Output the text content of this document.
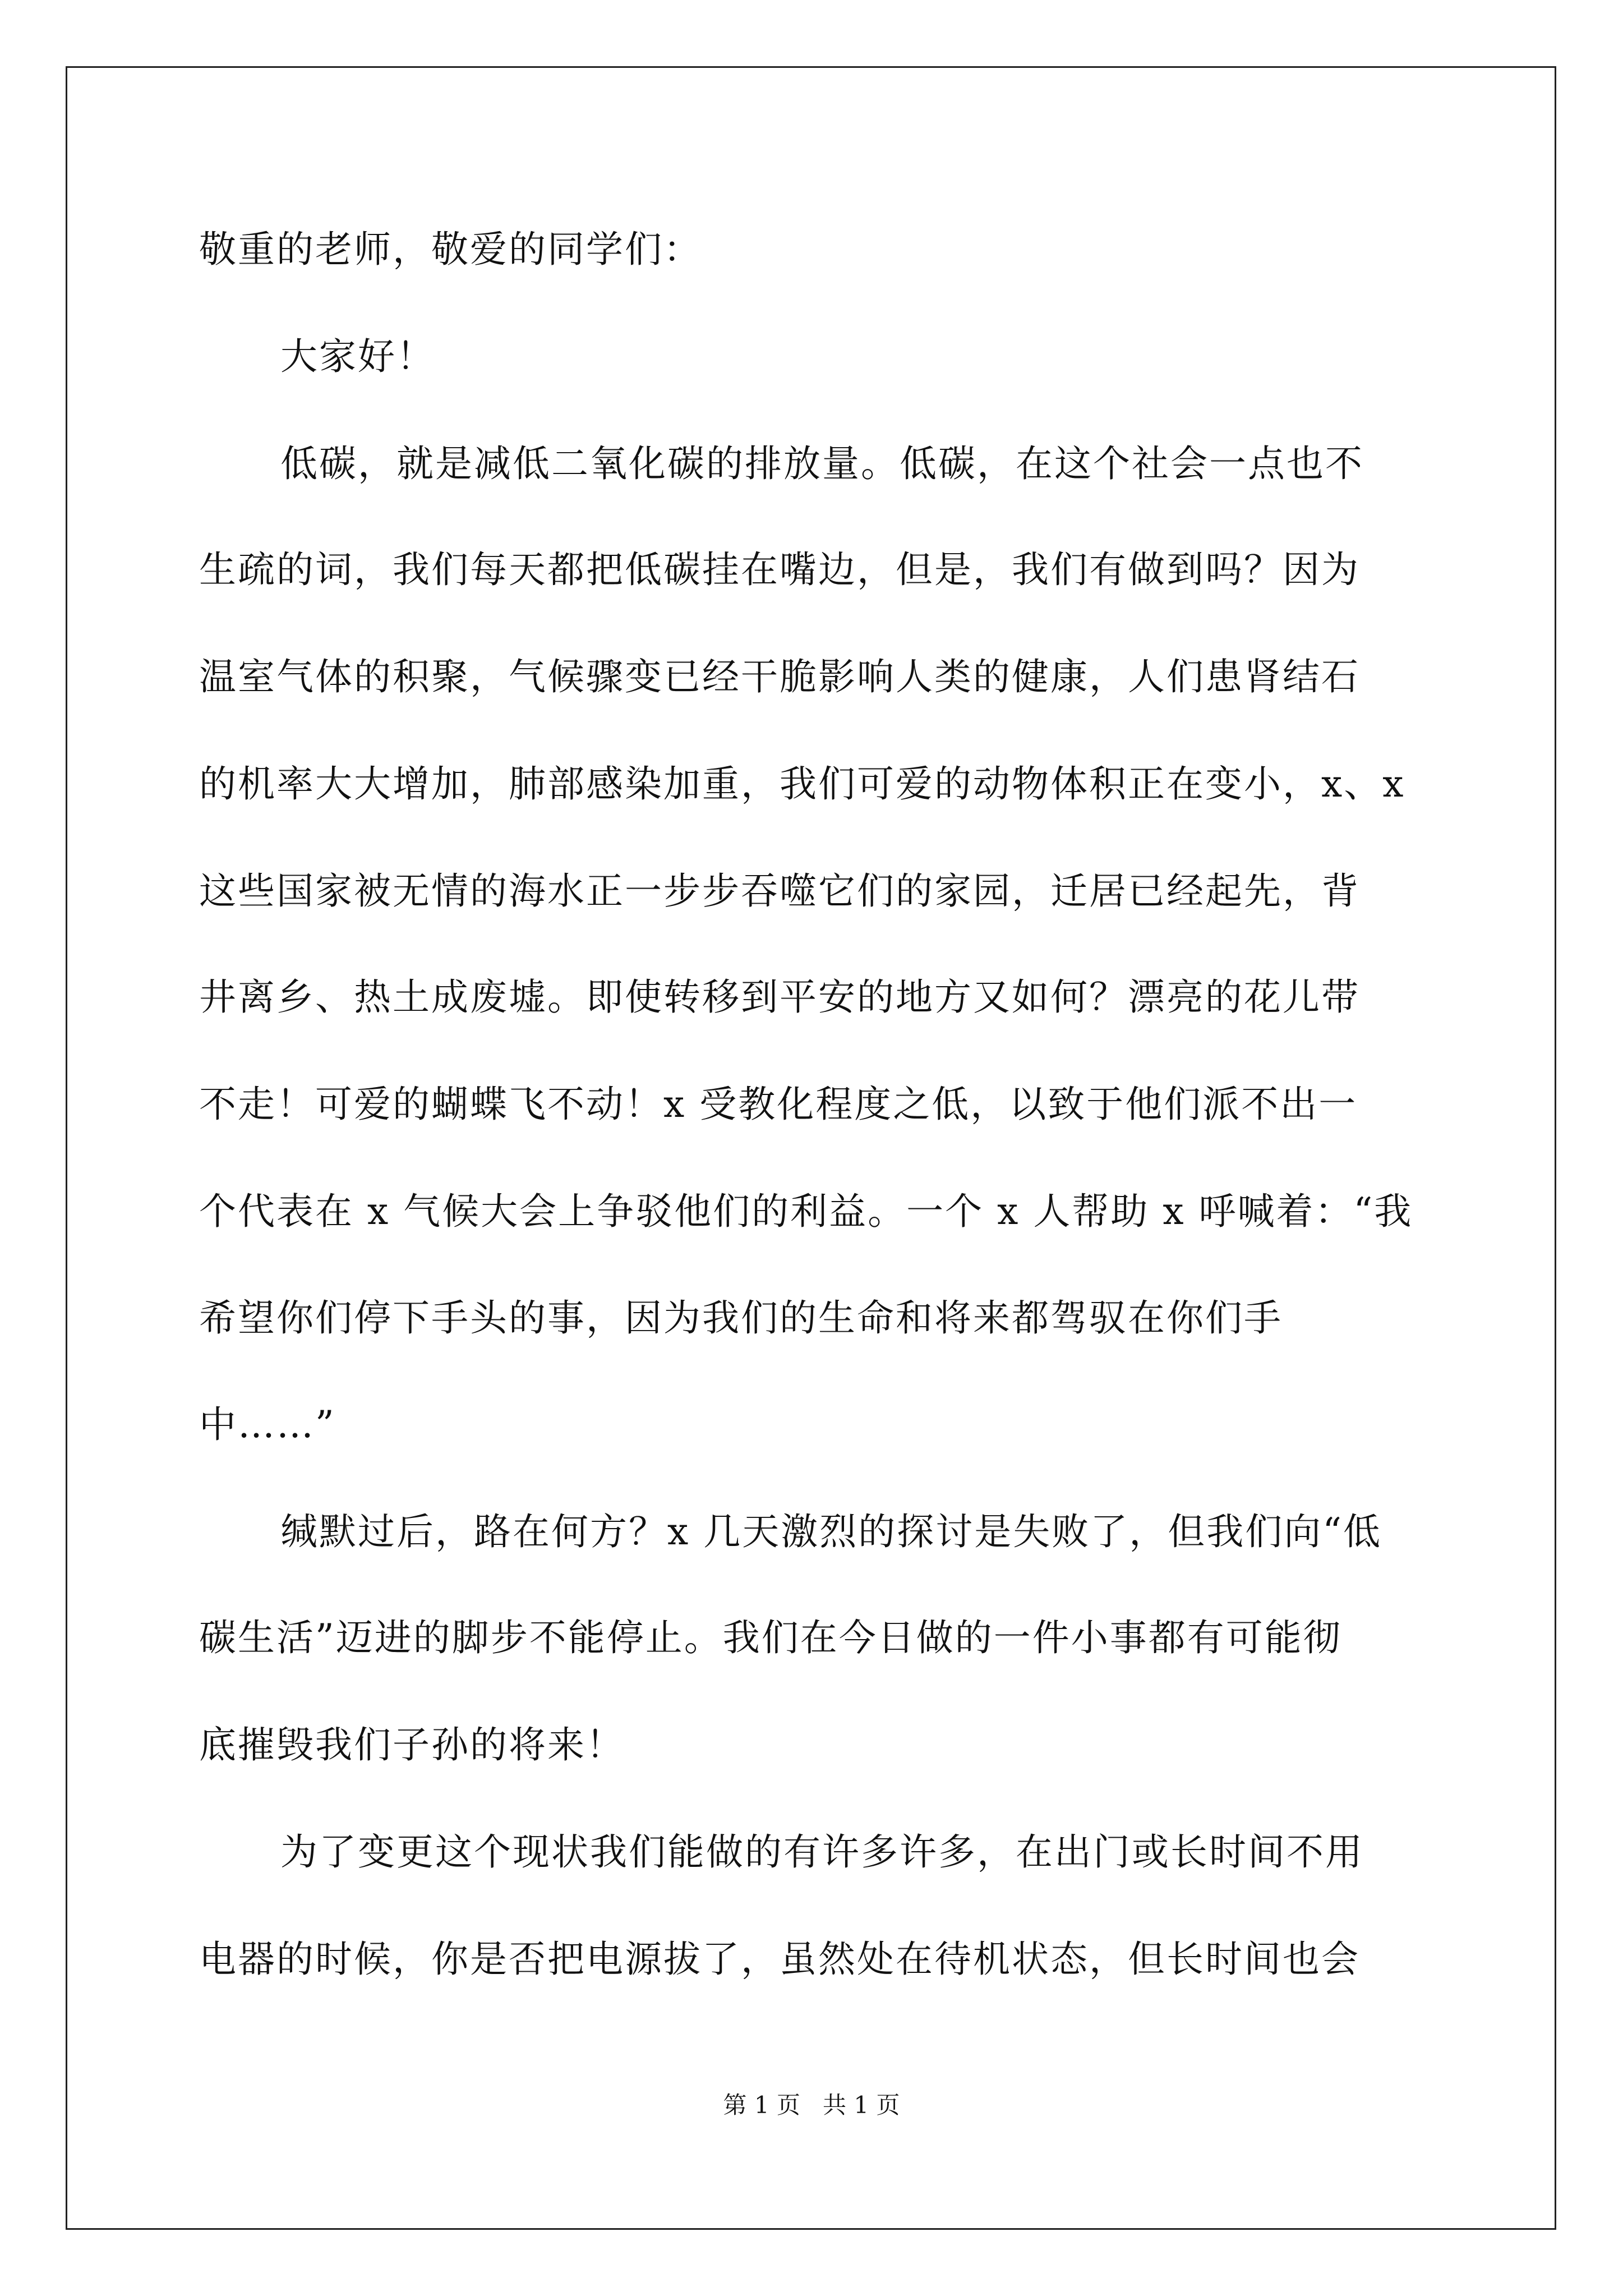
敬重的老师，敬爱的同学们：
大家好！
低碳，就是减低二氧化碳的排放量。低碳，在这个社会一点也不
生疏的词，我们每天都把低碳挂在嘴边，但是，我们有做到吗？因为
温室气体的积聚，气候骤变已经干脆影响人类的健康，人们患肾结石
的机率大大增加，肺部感染加重，我们可爱的动物体积正在变小，x、x
这些国家被无情的海水正一步步吞噬它们的家园，迁居已经起先，背
井离乡、热土成废墟。即使转移到平安的地方又如何？漂亮的花儿带
不走！可爱的蝴蝶飞不动！x 受教化程度之低，以致于他们派不出一
个代表在 x 气候大会上争驳他们的利益。一个 x 人帮助 x 呼喊着：“我
希望你们停下手头的事，因为我们的生命和将来都驾驭在你们手
中……”
缄默过后，路在何方？x 几天激烈的探讨是失败了，但我们向“低
碳生活”迈进的脚步不能停止。我们在今日做的一件小事都有可能彻
底摧毁我们子孙的将来！
为了变更这个现状我们能做的有许多许多，在出门或长时间不用
电器的时候，你是否把电源拔了，虽然处在待机状态，但长时间也会
第 1 页   共 1 页
